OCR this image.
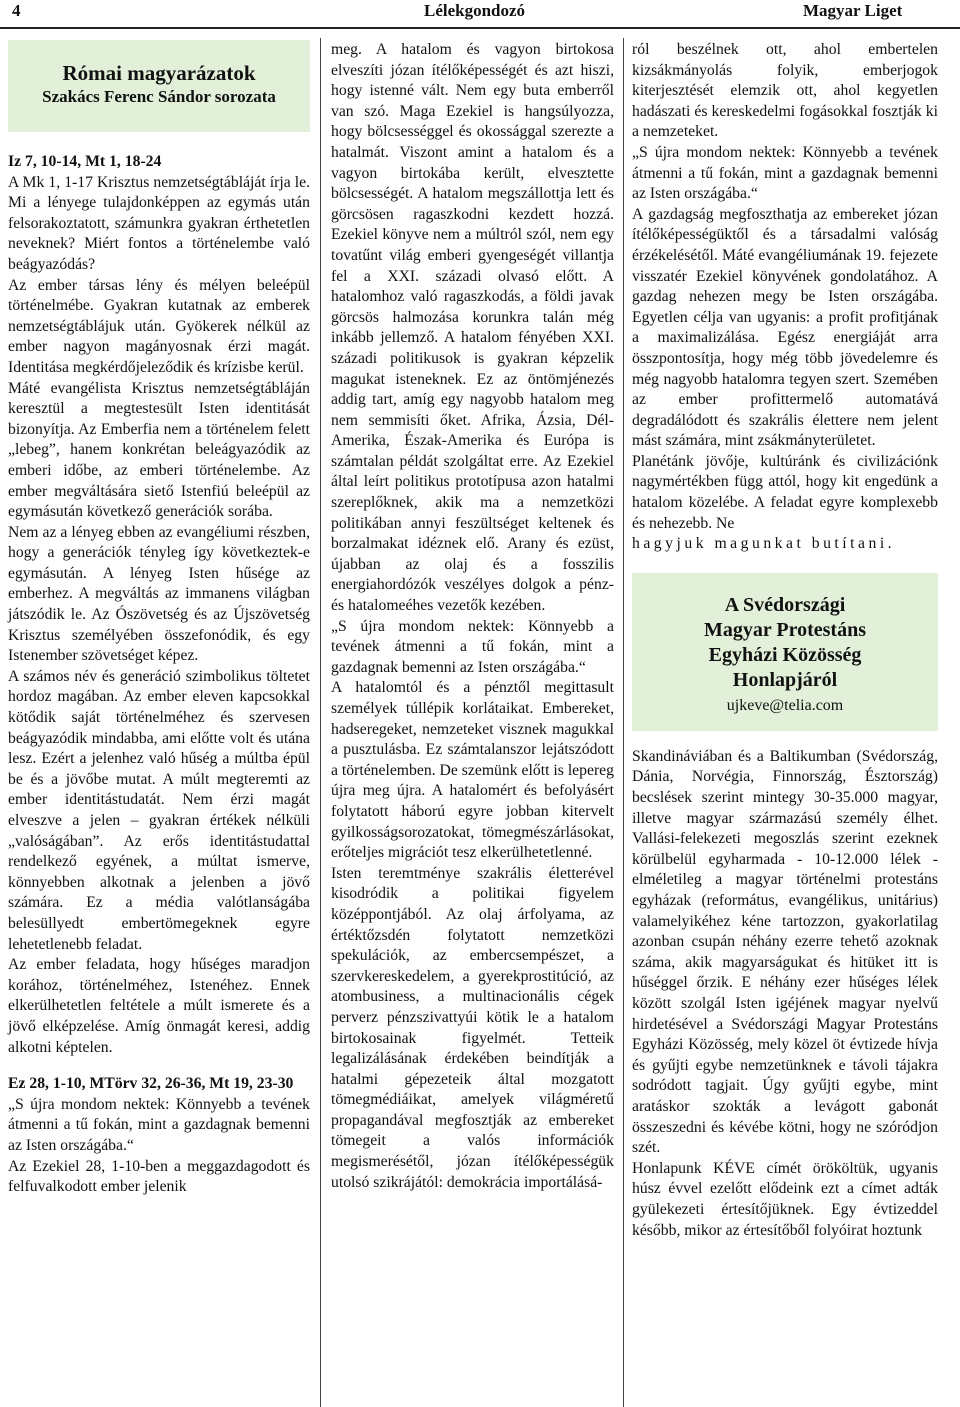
4	Lélekgondozó	Magyar Liget
Római magyarázatok
Szakács Ferenc Sándor sorozata

Iz 7, 10-14, Mt 1, 18-24

A Mk 1, 1-17 Krisztus nemzetségtábláját írja le. Mi a lényege tulajdonképpen az egymás után felsorakoztatott, számunkra gyakran érthetetlen neveknek? Miért fontos a történelembe való beágyazódás?

Az ember társas lény és mélyen beleépül történelmébe. Gyakran kutatnak az emberek nemzetségtáblájuk után. Gyökerek nélkül az ember nagyon magányosnak érzi magát. Identitása megkérdőjeleződik és krízisbe kerül.

Máté evangélista Krisztus nemzetségtábláján keresztül a megtestesült Isten identitását bizonyítja. Az Emberfia nem a történelem felett „lebeg”, hanem konkrétan beleágyazódik az emberi időbe, az emberi történelembe. Az ember megváltására siető Istenfiú beleépül az egymásután következő generációk sorába.

Nem az a lényeg ebben az evangéliumi részben, hogy a generációk tényleg így következtek-e egymásután. A lényeg Isten hűsége az emberhez. A megváltás az immanens világban játszódik le. Az Ószövetség és az Újszövetség Krisztus személyében összefonódik, és egy Istenember szövetséget képez.

A számos név és generáció szimbolikus töltetet hordoz magában. Az ember eleven kapcsokkal kötődik saját történelméhez és szervesen beágyazódik mindabba, ami előtte volt és utána lesz. Ezért a jelenhez való hűség a múltba épül be és a jövőbe mutat. A múlt megteremti az ember identitástudatát. Nem érzi magát elveszve a jelen – gyakran értékek nélküli „valóságában”. Az erős identitástudattal rendelkező egyének, a múltat ismerve, könnyebben alkotnak a jelenben a jövő számára. Ez a média valótlanságába belesüllyedt embertömegeknek egyre lehetetlenebb feladat.

Az ember feladata, hogy hűséges maradjon korához, történelméhez, Istenéhez. Ennek elkerülhetetlen feltétele a múlt ismerete és a jövő elképzelése. Amíg önmagát keresi, addig alkotni képtelen.

Ez 28, 1-10, MTörv 32, 26-36, Mt 19, 23-30

„S újra mondom nektek: Könnyebb a tevének átmenni a tű fokán, mint a gazdagnak bemenni az Isten országába.“

Az Ezekiel 28, 1-10-ben a meggazdagodott és felfuvalkodott ember jelenik

meg. A hatalom és vagyon birtokosa elveszíti józan ítélőképességét és azt hiszi, hogy istenné vált. Nem egy buta emberről van szó. Maga Ezekiel is hangsúlyozza, hogy bölcsességgel és okossággal szerezte a hatalmát. Viszont amint a hatalom és a vagyon birtokába került, elvesztette bölcsességét. A hatalom megszállottja lett és görcsösen ragaszkodni kezdett hozzá. Ezekiel könyve nem a múltról szól, nem egy tovatűnt világ emberi gyengeségét villantja fel a XXI. századi olvasó előtt. A hatalomhoz való ragaszkodás, a földi javak görcsös halmozása korunkra talán még inkább jellemző. A hatalom fényében XXI. századi politikusok is gyakran képzelik magukat isteneknek. Ez az öntömjénezés addig tart, amíg egy nagyobb hatalom meg nem semmisíti őket. Afrika, Ázsia, Dél-Amerika, Észak-Amerika és Európa is számtalan példát szolgáltat erre. Az Ezekiel által leírt politikus prototípusa azon hatalmi szereplőknek, akik ma a nemzetközi politikában annyi feszültséget keltenek és borzalmakat idéznek elő. Arany és ezüst, újabban az olaj és a fosszilis energiahordózók veszélyes dolgok a pénz- és hatalomeéhes vezetők kezében.

„S újra mondom nektek: Könnyebb a tevének átmenni a tű fokán, mint a gazdagnak bemenni az Isten országába.“

A hatalomtól és a pénztől megittasult személyek túllépik korlátaikat. Embereket, hadseregeket, nemzeteket visznek magukkal a pusztulásba. Ez számtalanszor lejátszódott a történelemben. De szemünk előtt is lepereg újra meg újra. A hatalomért és befolyásért folytatott háború egyre jobban kitervelt gyilkosságsorozatokat, tömegmészárlásokat, erőteljes migrációt tesz elkerülhetetlenné.

Isten teremtménye szakrális életterével kisodródik a politikai figyelem középpontjából. Az olaj árfolyama, az értéktőzsdén folytatott nemzetközi spekulációk, az embercsempészet, a szervkereskedelem, a gyerekprostitúció, az atombusiness, a multinacionális cégek perverz pénzszivattyúi kötik le a hatalom birtokosainak figyelmét. Tetteik legalizálásának érdekében beindítják a hatalmi gépezeteik által mozgatott tömegmédiáikat, amelyek világméretű propagandával megfosztják az embereket tömegeit a valós információk megismerésétől, józan ítélőképességük utolsó szikrájától: demokrácia importálásá-

ról beszélnek ott, ahol embertelen kizsákmányolás folyik, emberjogok kiterjesztését elemzik ott, ahol kegyetlen hadászati és kereskedelmi fogásokkal fosztják ki a nemzeteket.

„S újra mondom nektek: Könnyebb a tevének átmenni a tű fokán, mint a gazdagnak bemenni az Isten országába.“

A gazdagság megfoszthatja az embereket józan ítélőképességüktől és a társadalmi valóság érzékelésétől. Máté evangéliumának 19. fejezete visszatér Ezekiel könyvének gondolatához. A gazdag nehezen megy be Isten országába. Egyetlen célja van ugyanis: a profit profitjának a maximalizálása. Egész energiáját arra összpontosítja, hogy még több jövedelemre és még nagyobb hatalomra tegyen szert. Szemében az ember profittermelő automatává degradálódott és szakrális élettere nem jelent mást számára, mint zsákmányterületet.

Planétánk jövője, kultúránk és civilizációnk nagymértékben függ attól, hogy kit engedünk a hatalom közelébe. A feladat egyre komplexebb és nehezebb. Ne

hagyjuk magunkat butítani.

A Svédországi
Magyar Protestáns
Egyházi Közösség
Honlapjáról
ujkeve@telia.com

Skandináviában és a Baltikumban (Svédország, Dánia, Norvégia, Finnország, Észtország) becslések szerint mintegy 30-35.000 magyar, illetve magyar származású személy élhet. Vallási-felekezeti megoszlás szerint ezeknek körülbelül egyharmada - 10-12.000 lélek - elméletileg a magyar történelmi protestáns egyházak (református, evangélikus, unitárius) valamelyikéhez kéne tartozzon, gyakorlatilag azonban csupán néhány ezerre tehető azoknak száma, akik magyarságukat és hitüket itt is hűséggel őrzik. E néhány ezer hűséges lélek között szolgál Isten igéjének magyar nyelvű hirdetésével a Svédországi Magyar Protestáns Egyházi Közösség, mely közel öt évtizede hívja és gyűjti egybe nemzetünknek e távoli tájakra sodródott tagjait. Úgy gyűjti egybe, mint aratáskor szokták a levágott gabonát összeszedni és kévébe kötni, hogy ne szóródjon szét.

Honlapunk KÉVE címét örököltük, ugyanis húsz évvel ezelőtt elődeink ezt a címet adták gyülekezeti értesítőjüknek. Egy évtizeddel később, mikor az értesítőből folyóirat hoztunk
